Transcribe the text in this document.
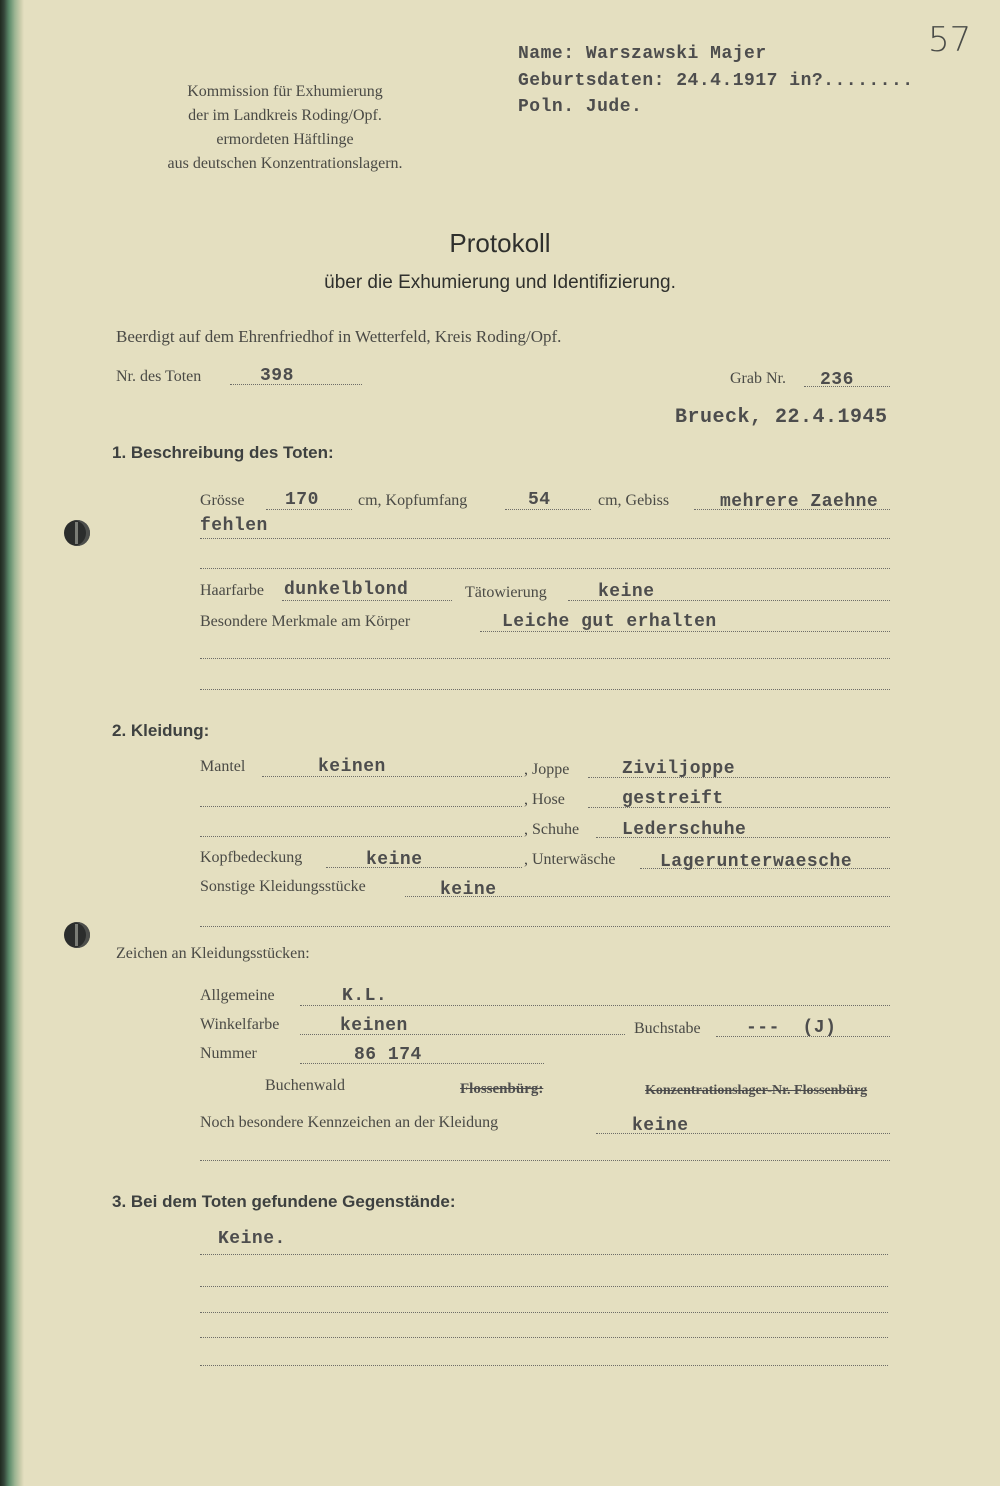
57
Kommission für Exhumierung
der im Landkreis Roding/Opf.
ermordeten Häftlinge
aus deutschen Konzentrationslagern.
Name: Warszawski Majer
Geburtsdaten: 24.4.1917 in?........
Poln. Jude.
Protokoll
über die Exhumierung und Identifizierung.
Beerdigt auf dem Ehrenfriedhof in Wetterfeld, Kreis Roding/Opf.
Nr. des Toten	398	Grab Nr. 236
Brueck, 22.4.1945
1. Beschreibung des Toten:
Grösse 170 cm, Kopfumfang	54	cm, Gebiss	mehrere Zaehne
fehlen
Haarfarbe dunkelblond	Tätowierung	keine
Besondere Merkmale am Körper	Leiche gut erhalten
2. Kleidung:
Mantel	keinen	, Joppe	Ziviljoppe
, Hose	gestreift
, Schuhe Lederschuhe
Kopfbedeckung	keine	, Unterwäsche Lagerunterwaesche
Sonstige Kleidungsstücke	keine
Zeichen an Kleidungsstücken:
Allgemeine	K.L.
Winkelfarbe	keinen	Buchstabe	---  (J)
Nummer	86 174
Buchenwald	Flossenbürg:	Konzentrationslager-Nr. Flossenbürg
Noch besondere Kennzeichen an der Kleidung	keine
3. Bei dem Toten gefundene Gegenstände:
Keine.
